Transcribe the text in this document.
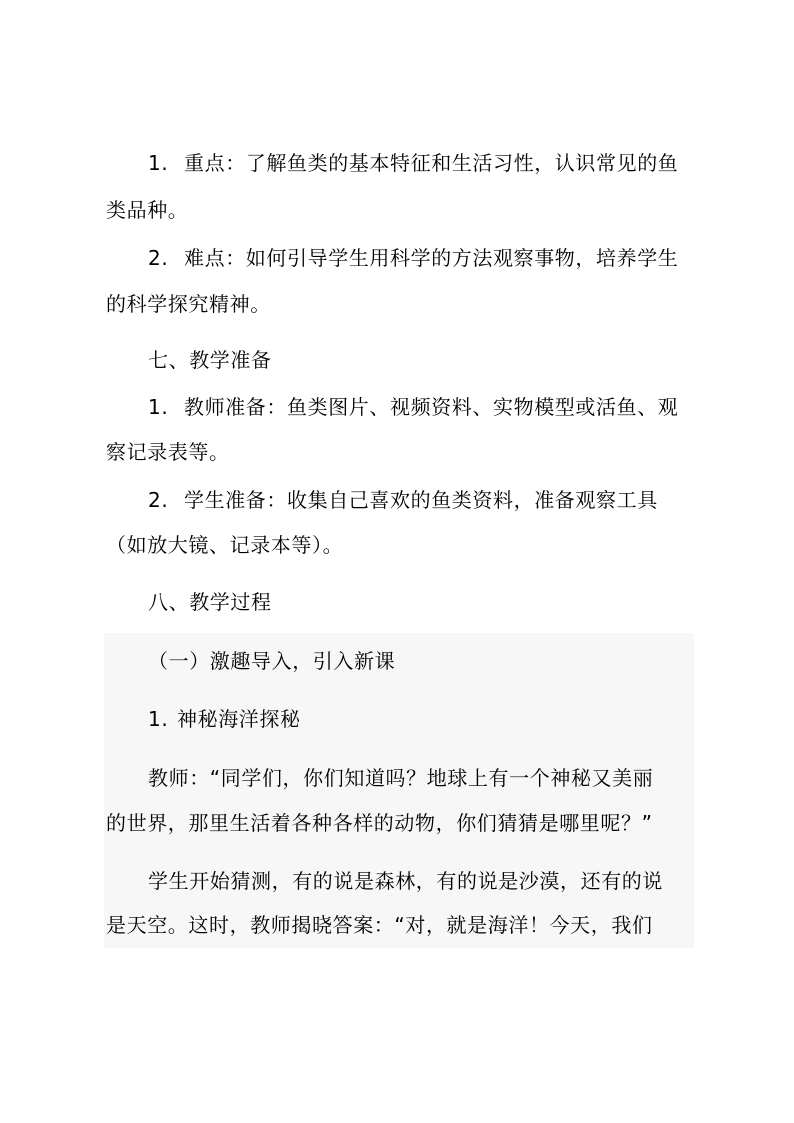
1. 重点：了解鱼类的基本特征和生活习性，认识常见的鱼
类品种。
2. 难点：如何引导学生用科学的方法观察事物，培养学生
的科学探究精神。
七、教学准备
1. 教师准备：鱼类图片、视频资料、实物模型或活鱼、观
察记录表等。
2. 学生准备：收集自己喜欢的鱼类资料，准备观察工具
（如放大镜、记录本等）。
八、教学过程
（一）激趣导入，引入新课
1. 神秘海洋探秘
教师：“同学们，你们知道吗？地球上有一个神秘又美丽
的世界，那里生活着各种各样的动物，你们猜猜是哪里呢？”
学生开始猜测，有的说是森林，有的说是沙漠，还有的说
是天空。这时，教师揭晓答案：“对，就是海洋！今天，我们
